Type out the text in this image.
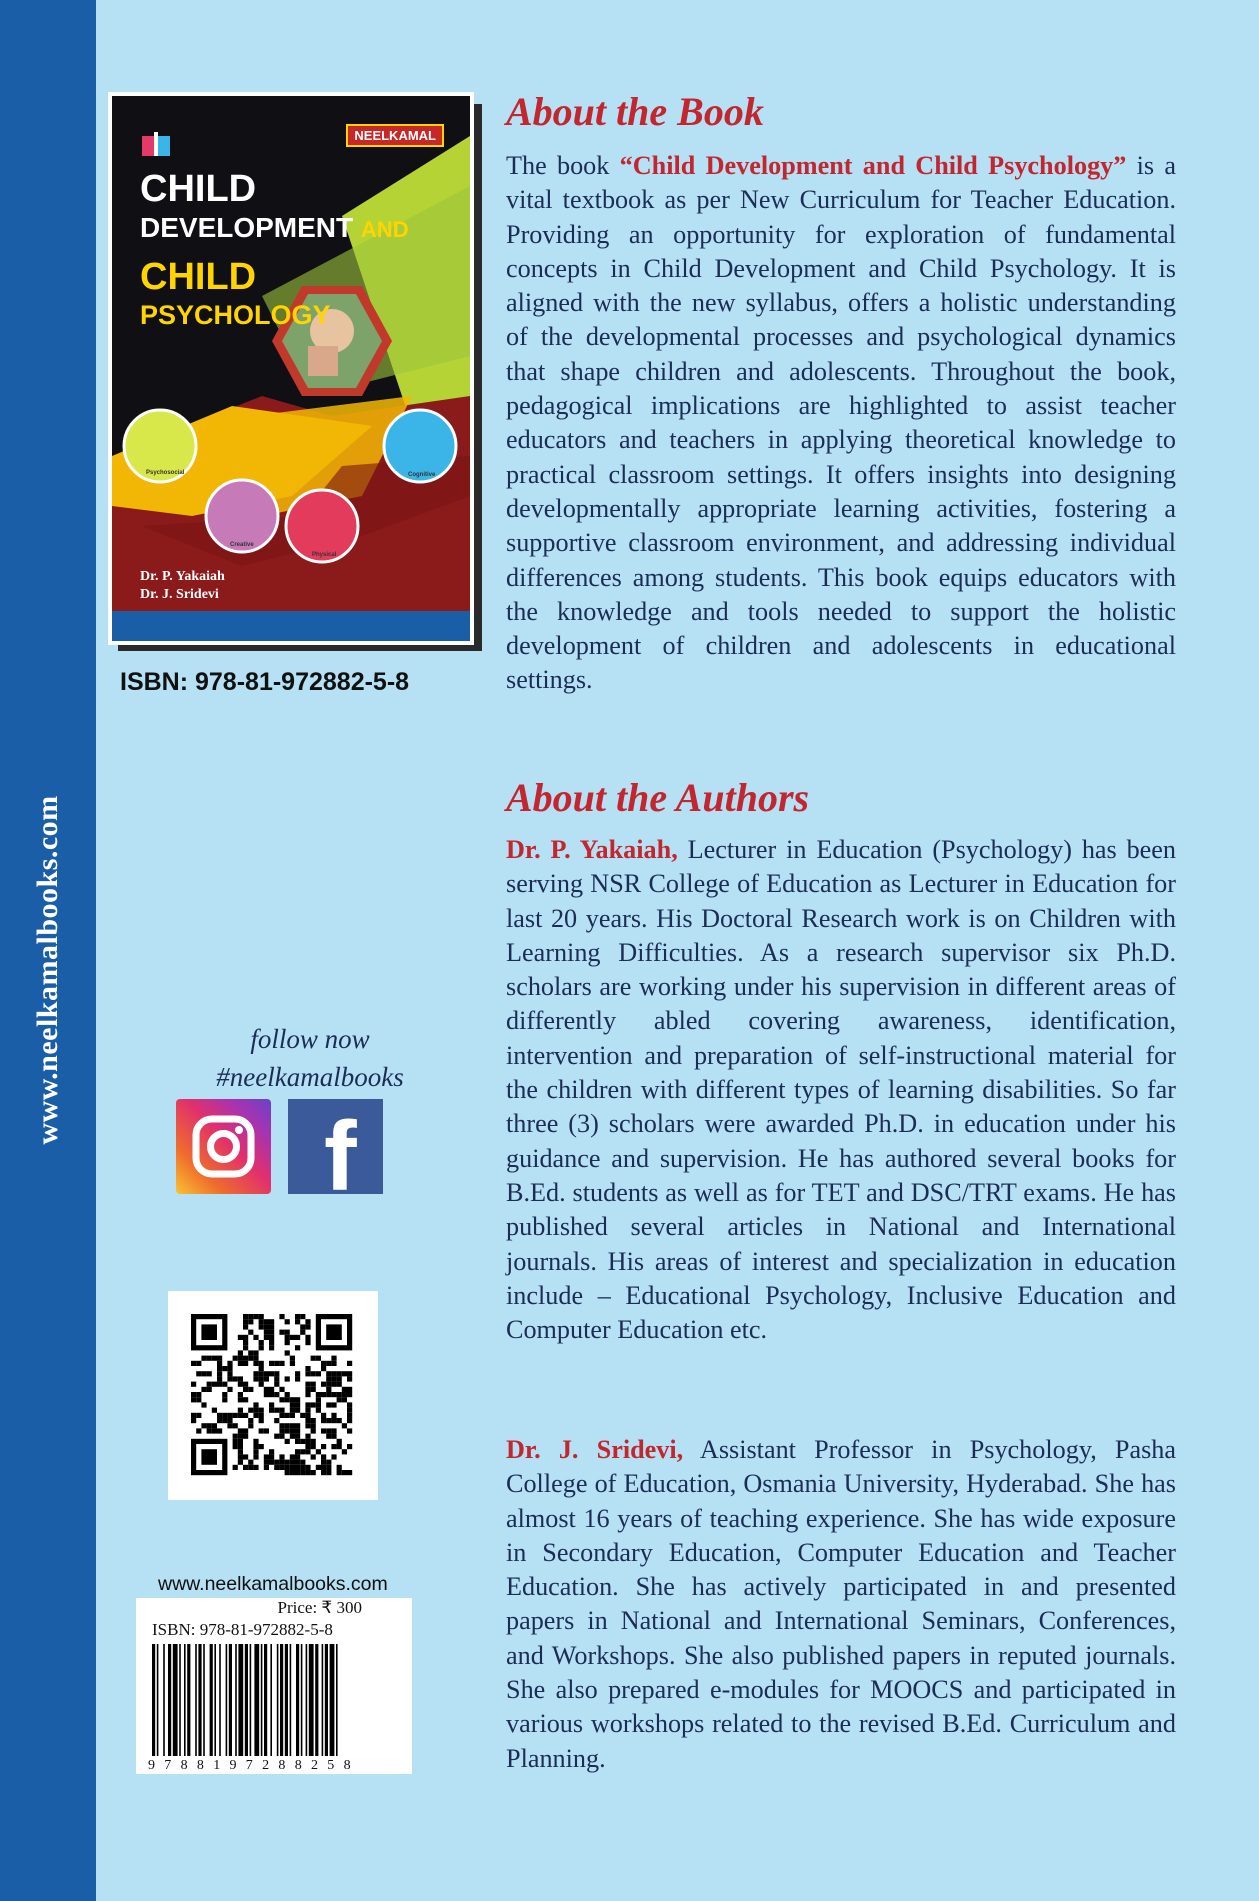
www.neelkamalbooks.com
Psychosocial
Creative
Physical
Cognitive
NEELKAMAL
CHILD
DEVELOPMENT AND
CHILD
PSYCHOLOGY
Dr. P. Yakaiah
Dr. J. Sridevi
ISBN: 978-81-972882-5-8
About the Book

The book “Child Development and Child Psychology” is a vital textbook as per New Curriculum for Teacher Education. Providing an opportunity for exploration of fundamental concepts in Child Development and Child Psychology. It is aligned with the new syllabus, offers a holistic understanding of the developmental processes and psychological dynamics that shape children and adolescents. Throughout the book, pedagogical implications are highlighted to assist teacher educators and teachers in applying theoretical knowledge to practical classroom settings. It offers insights into designing developmentally appropriate learning activities, fostering a supportive classroom environment, and addressing individual differences among students. This book equips educators with the knowledge and tools needed to support the holistic development of children and adolescents in educational settings.

About the Authors

Dr. P. Yakaiah, Lecturer in Education (Psychology) has been serving NSR College of Education as Lecturer in Education for last 20 years. His Doctoral Research work is on Children with Learning Difficulties. As a research supervisor six Ph.D. scholars are working under his supervision in different areas of differently abled covering awareness, identification, intervention and preparation of self-instructional material for the children with different types of learning disabilities. So far three (3) scholars were awarded Ph.D. in education under his guidance and supervision. He has authored several books for B.Ed. students as well as for TET and DSC/TRT exams. He has published several articles in National and International journals. His areas of interest and specialization in education include – Educational Psychology, Inclusive Education and Computer Education etc.

Dr. J. Sridevi, Assistant Professor in Psychology, Pasha College of Education, Osmania University, Hyderabad. She has almost 16 years of teaching experience. She has wide exposure in Secondary Education, Computer Education and Teacher Education. She has actively participated in and presented papers in National and International Seminars, Conferences, and Workshops. She also published papers in reputed journals. She also prepared e-modules for MOOCS and participated in various workshops related to the revised B.Ed. Curriculum and Planning.

follow now
#neelkamalbooks
f
www.neelkamalbooks.com
Price: ₹ 300
ISBN: 978-81-972882-5-8
9788197288258
